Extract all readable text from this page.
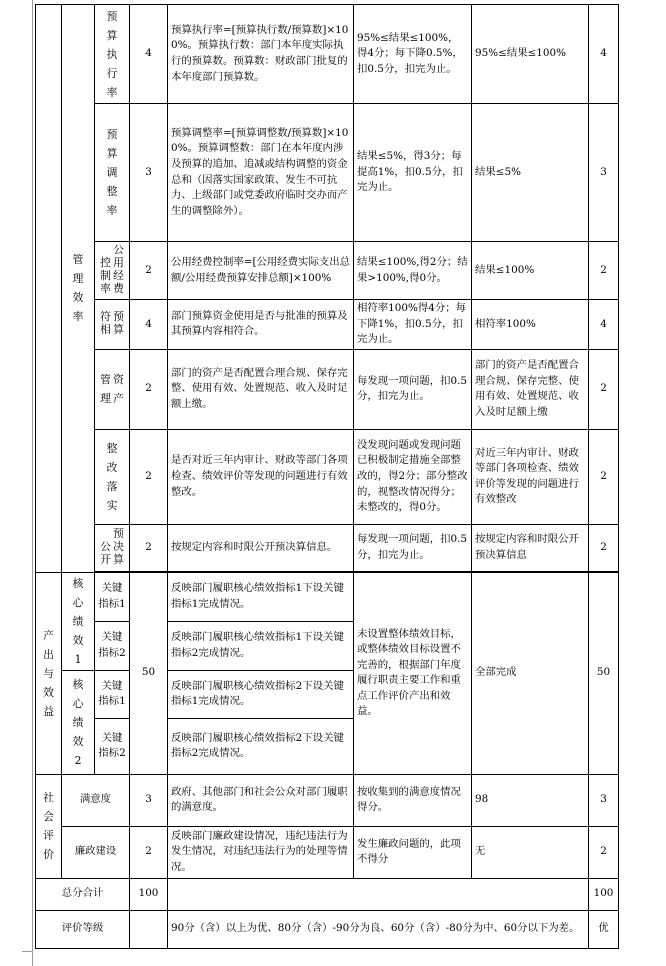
	管理效率	预算执行率	4	预算执行率=[预算执行数/预算数]×100%。预算执行数：部门本年度实际执行的预算数。预算数：财政部门批复的本年度部门预算数。	95%≤结果≤100%，得4分；每下降0.5%，扣0.5分，扣完为止。	95%≤结果≤100%	4
		预算调整率	3	预算调整率=[预算调整数/预算数]×100%。预算调整数：部门在本年度内涉及预算的追加、追减或结构调整的资金总和（因落实国家政策、发生不可抗力、上级部门或党委政府临时交办而产生的调整除外）。	结果≤5%，得3分；每提高1%，扣0.5分，扣完为止。	结果≤5%	3
		控制率公用经费	2	公用经费控制率=[公用经费实际支出总额/公用经费预算安排总额]×100%	结果≤100%,得2分；结果>100%,得0分。	结果≤100%	2
		符相预算	4	部门预算资金使用是否与批准的预算及其预算内容相符合。	相符率100%得4分；每下降1%，扣0.5分，扣完为止。	相符率100%	4
		管理资产	2	部门的资产是否配置合理合规、保存完整、使用有效、处置规范、收入及时足额上缴。	每发现一项问题，扣0.5分，扣完为止。	部门的资产是否配置合理合规、保存完整、使用有效、处置规范、收入及时足额上缴	2
		整改落实	2	是否对近三年内审计、财政等部门各项检查、绩效评价等发现的问题进行有效整改。	没发现问题或发现问题已积极制定措施全部整改的，得2分；部分整改的，视整改情况得分；未整改的，得0分。	对近三年内审计、财政等部门各项检查、绩效评价等发现的问题进行有效整改	2
		公开预决算	2	按规定内容和时限公开预决算信息。	每发现一项问题，扣0.5分，扣完为止。	按规定内容和时限公开预决算信息	2

产出与效益	核心绩效1	关键指标1	50	反映部门履职核心绩效指标1下设关键指标1完成情况。	未设置整体绩效目标，或整体绩效目标设置不完善的，根据部门年度履行职责主要工作和重点工作评价产出和效益。	全部完成	50
		关键指标2		反映部门履职核心绩效指标1下设关键指标2完成情况。			
	核心绩效2	关键指标1		反映部门履职核心绩效指标2下设关键指标1完成情况。			
		关键指标2		反映部门履职核心绩效指标2下设关键指标2完成情况。			
社会评价	满意度		3	政府、其他部门和社会公众对部门履职的满意度。	按收集到的满意度情况得分。	98	3
	廉政建设		2	反映部门廉政建设情况，违纪违法行为发生情况，对违纪违法行为的处理等情况。	发生廉政问题的，此项不得分	无	2
总分合计			100				100
评价等级				90分（含）以上为优、80分（含）-90分为良、60分（含）-80分为中、60分以下为差。			优
